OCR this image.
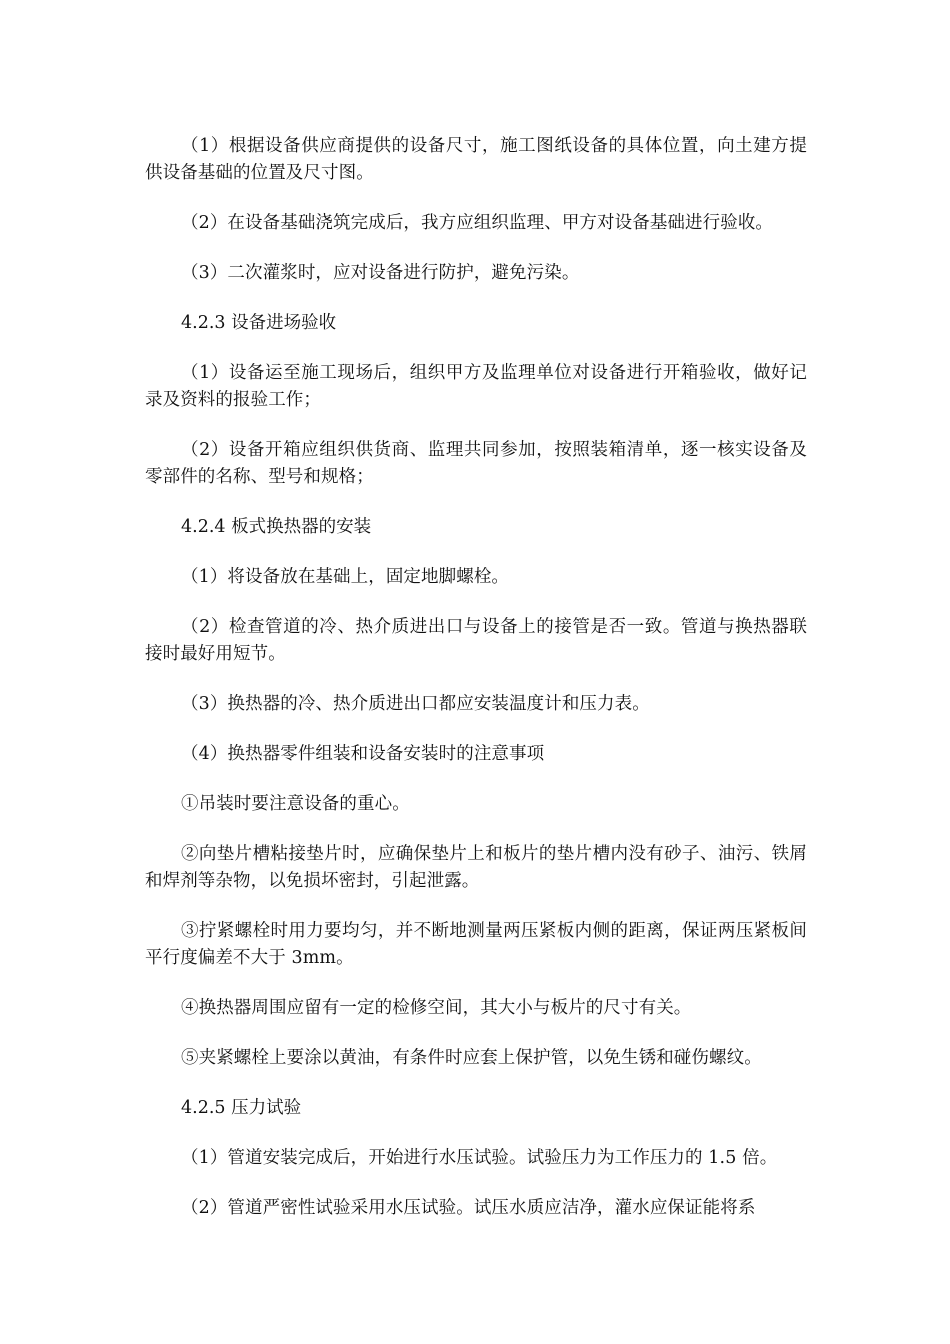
（1）根据设备供应商提供的设备尺寸，施工图纸设备的具体位置，向土建方提供设备基础的位置及尺寸图。

（2）在设备基础浇筑完成后，我方应组织监理、甲方对设备基础进行验收。

（3）二次灌浆时，应对设备进行防护，避免污染。

4.2.3 设备进场验收

（1）设备运至施工现场后，组织甲方及监理单位对设备进行开箱验收，做好记录及资料的报验工作；

（2）设备开箱应组织供货商、监理共同参加，按照装箱清单，逐一核实设备及零部件的名称、型号和规格；

4.2.4 板式换热器的安装

（1）将设备放在基础上，固定地脚螺栓。

（2）检查管道的冷、热介质进出口与设备上的接管是否一致。管道与换热器联接时最好用短节。

（3）换热器的冷、热介质进出口都应安装温度计和压力表。

（4）换热器零件组装和设备安装时的注意事项

①吊装时要注意设备的重心。

②向垫片槽粘接垫片时，应确保垫片上和板片的垫片槽内没有砂子、油污、铁屑和焊剂等杂物，以免损坏密封，引起泄露。

③拧紧螺栓时用力要均匀，并不断地测量两压紧板内侧的距离，保证两压紧板间平行度偏差不大于 3mm。

④换热器周围应留有一定的检修空间，其大小与板片的尺寸有关。

⑤夹紧螺栓上要涂以黄油，有条件时应套上保护管，以免生锈和碰伤螺纹。

4.2.5 压力试验

（1）管道安装完成后，开始进行水压试验。试验压力为工作压力的 1.5 倍。

（2）管道严密性试验采用水压试验。试压水质应洁净，灌水应保证能将系
